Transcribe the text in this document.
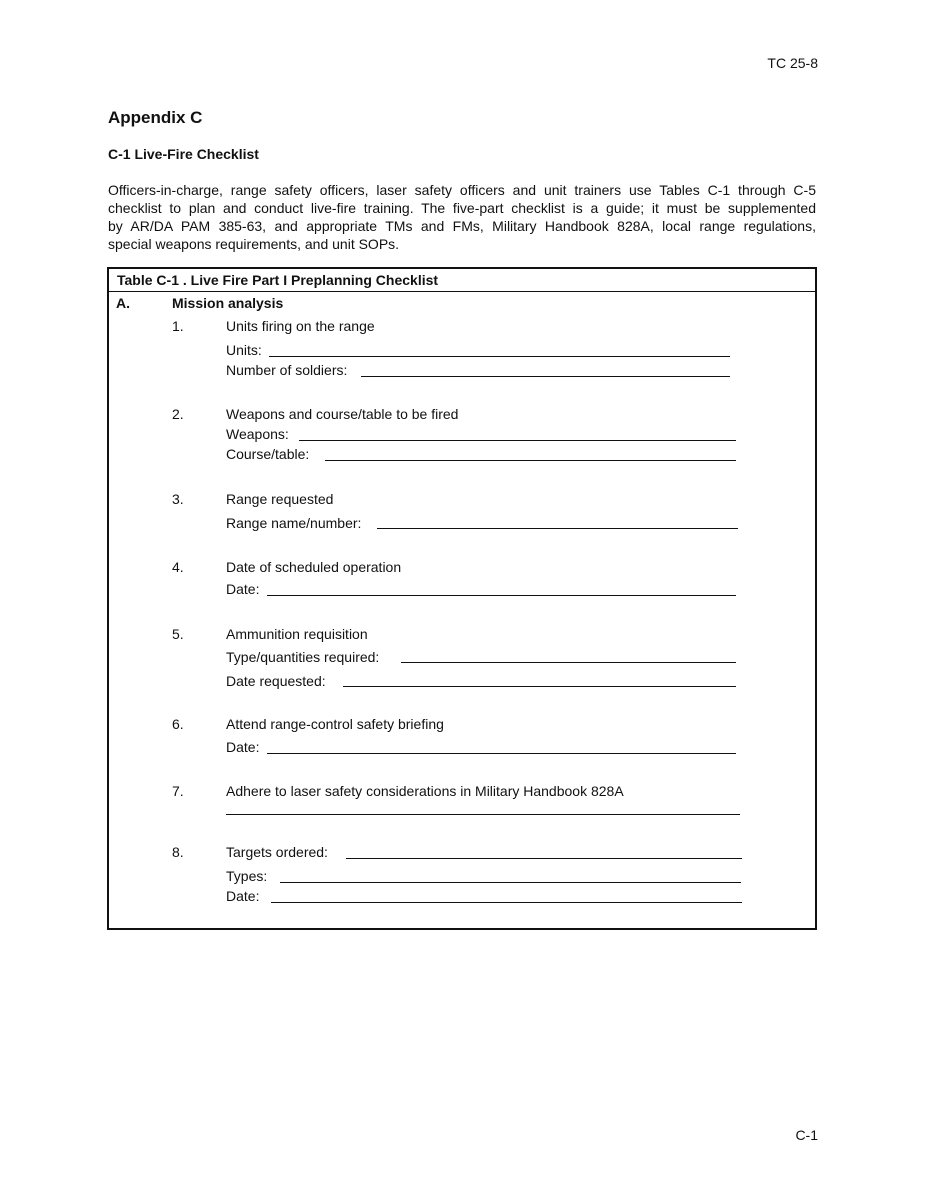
TC 25-8
Appendix C
C-1 Live-Fire Checklist
Officers-in-charge, range safety officers, laser safety officers and unit trainers use Tables C-1 through C-5
checklist to plan and conduct live-fire training. The five-part checklist is a guide; it must be supplemented
by AR/DA PAM 385-63, and appropriate TMs and FMs, Military Handbook 828A, local range regulations,
special weapons requirements, and unit SOPs.
Table C-1 . Live Fire Part I Preplanning Checklist
A.	Mission analysis
1.	Units firing on the range
Units:
Number of soldiers:
2.	Weapons and course/table to be fired
Weapons:
Course/table:
3.	Range requested
Range name/number:
4.	Date of scheduled operation
Date:
5.	Ammunition requisition
Type/quantities required:
Date requested:
6.	Attend range-control safety briefing
Date:
7.	Adhere to laser safety considerations in Military Handbook 828A
8.	Targets ordered:
Types:
Date:
C-1
